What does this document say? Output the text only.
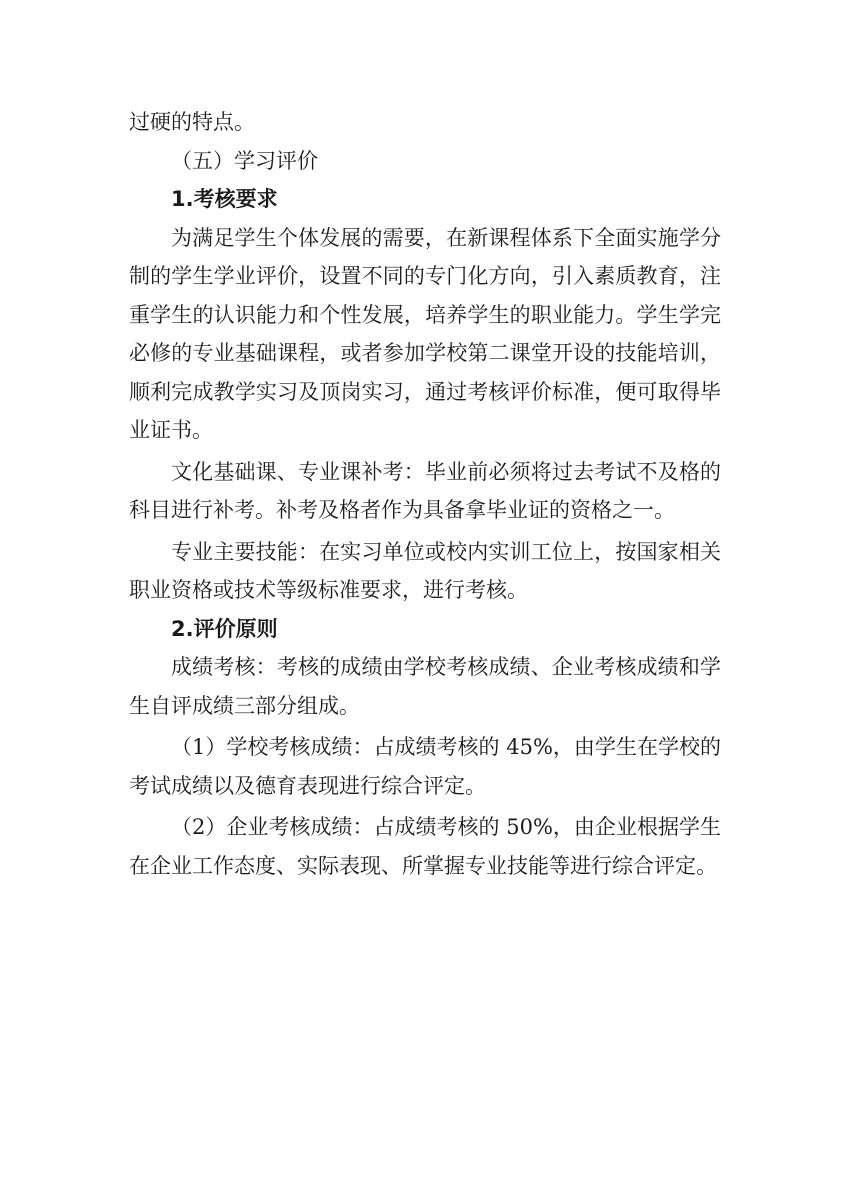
过硬的特点。

（五）学习评价

1.考核要求

为满足学生个体发展的需要，在新课程体系下全面实施学分制的学生学业评价，设置不同的专门化方向，引入素质教育，注重学生的认识能力和个性发展，培养学生的职业能力。学生学完必修的专业基础课程，或者参加学校第二课堂开设的技能培训，顺利完成教学实习及顶岗实习，通过考核评价标准，便可取得毕业证书。

文化基础课、专业课补考：毕业前必须将过去考试不及格的科目进行补考。补考及格者作为具备拿毕业证的资格之一。

专业主要技能：在实习单位或校内实训工位上，按国家相关职业资格或技术等级标准要求，进行考核。

2.评价原则

成绩考核：考核的成绩由学校考核成绩、企业考核成绩和学生自评成绩三部分组成。

（1）学校考核成绩：占成绩考核的 45%，由学生在学校的考试成绩以及德育表现进行综合评定。

（2）企业考核成绩：占成绩考核的 50%，由企业根据学生在企业工作态度、实际表现、所掌握专业技能等进行综合评定。
